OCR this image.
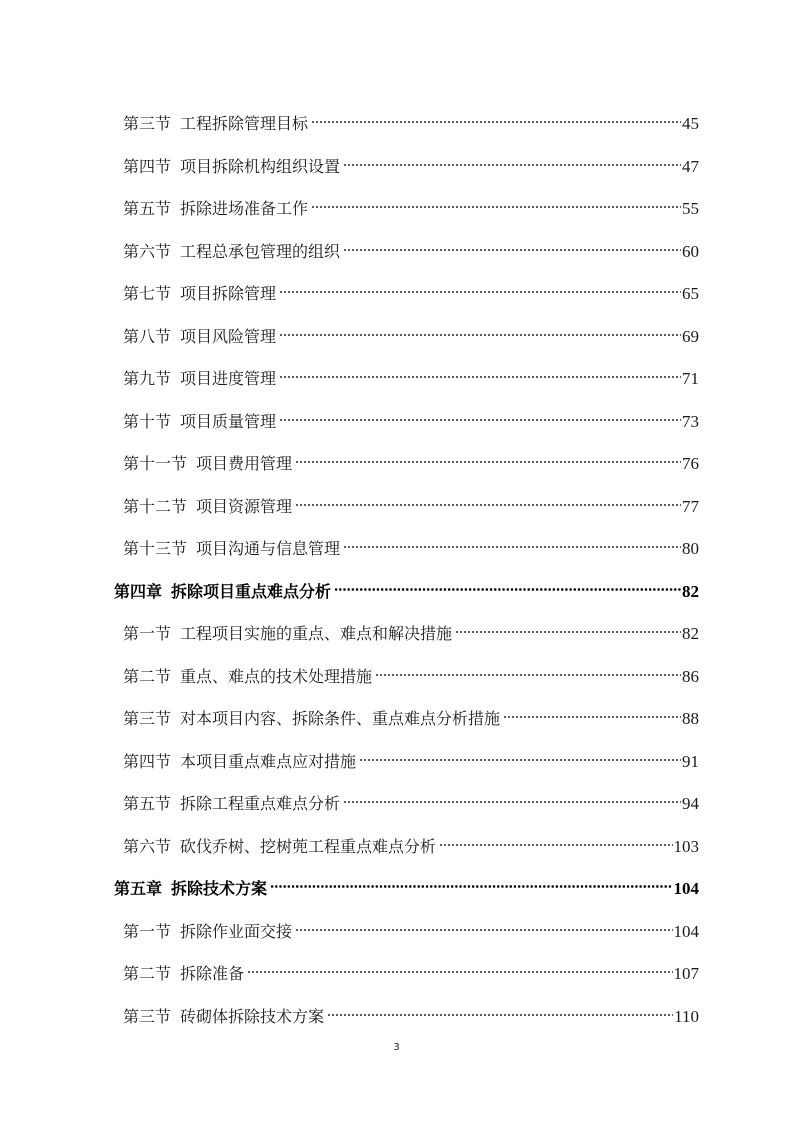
第三节 工程拆除管理目标	45
第四节 项目拆除机构组织设置	47
第五节 拆除进场准备工作	55
第六节 工程总承包管理的组织	60
第七节 项目拆除管理	65
第八节 项目风险管理	69
第九节 项目进度管理	71
第十节 项目质量管理	73
第十一节 项目费用管理	76
第十二节 项目资源管理	77
第十三节 项目沟通与信息管理	80
第四章 拆除项目重点难点分析	82
第一节 工程项目实施的重点、难点和解决措施	82
第二节 重点、难点的技术处理措施	86
第三节 对本项目内容、拆除条件、重点难点分析措施	88
第四节 本项目重点难点应对措施	91
第五节 拆除工程重点难点分析	94
第六节 砍伐乔树、挖树蔸工程重点难点分析	103
第五章 拆除技术方案	104
第一节 拆除作业面交接	104
第二节 拆除准备	107
第三节 砖砌体拆除技术方案	110
3
